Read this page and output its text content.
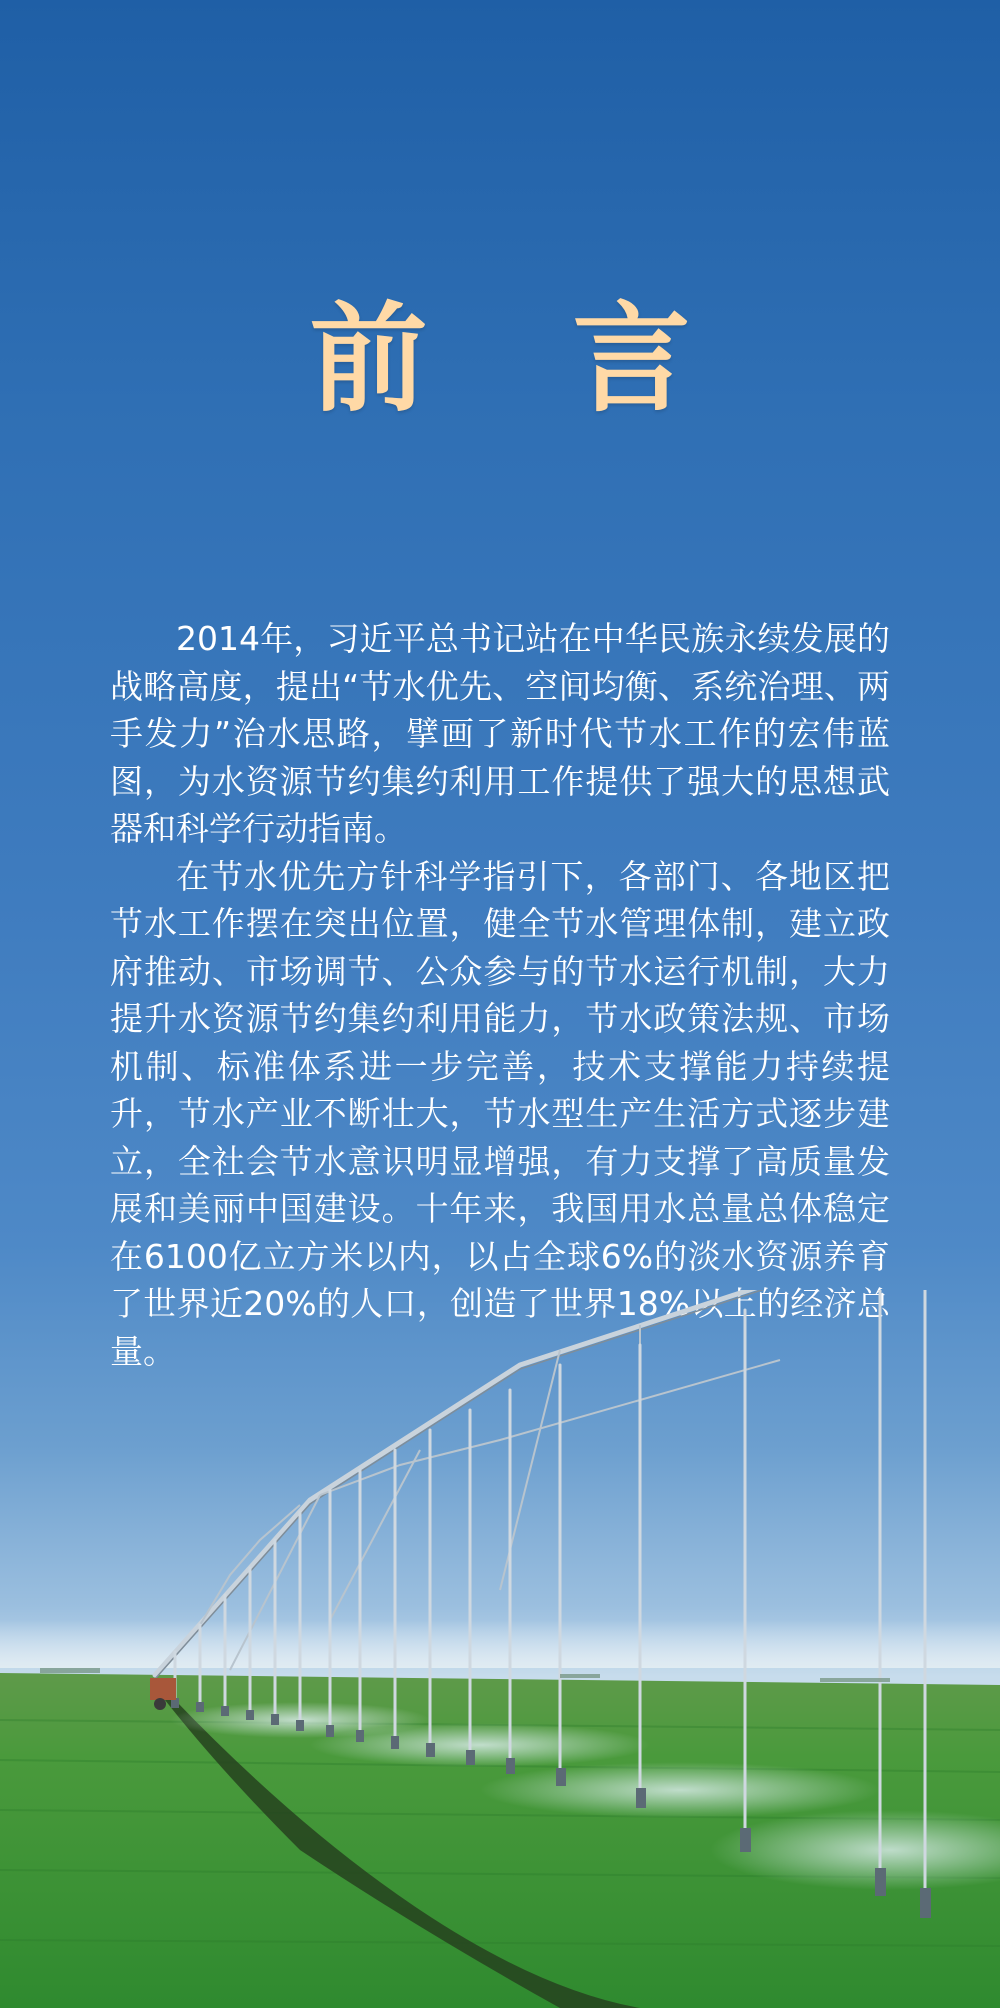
前 言

2014年，习近平总书记站在中华民族永续发展的战略高度，提出“节水优先、空间均衡、系统治理、两手发力”治水思路，擘画了新时代节水工作的宏伟蓝图，为水资源节约集约利用工作提供了强大的思想武器和科学行动指南。

在节水优先方针科学指引下，各部门、各地区把节水工作摆在突出位置，健全节水管理体制，建立政府推动、市场调节、公众参与的节水运行机制，大力提升水资源节约集约利用能力，节水政策法规、市场机制、标准体系进一步完善，技术支撑能力持续提升，节水产业不断壮大，节水型生产生活方式逐步建立，全社会节水意识明显增强，有力支撑了高质量发展和美丽中国建设。十年来，我国用水总量总体稳定在6100亿立方米以内，以占全球6%的淡水资源养育了世界近20%的人口，创造了世界18%以上的经济总量。
